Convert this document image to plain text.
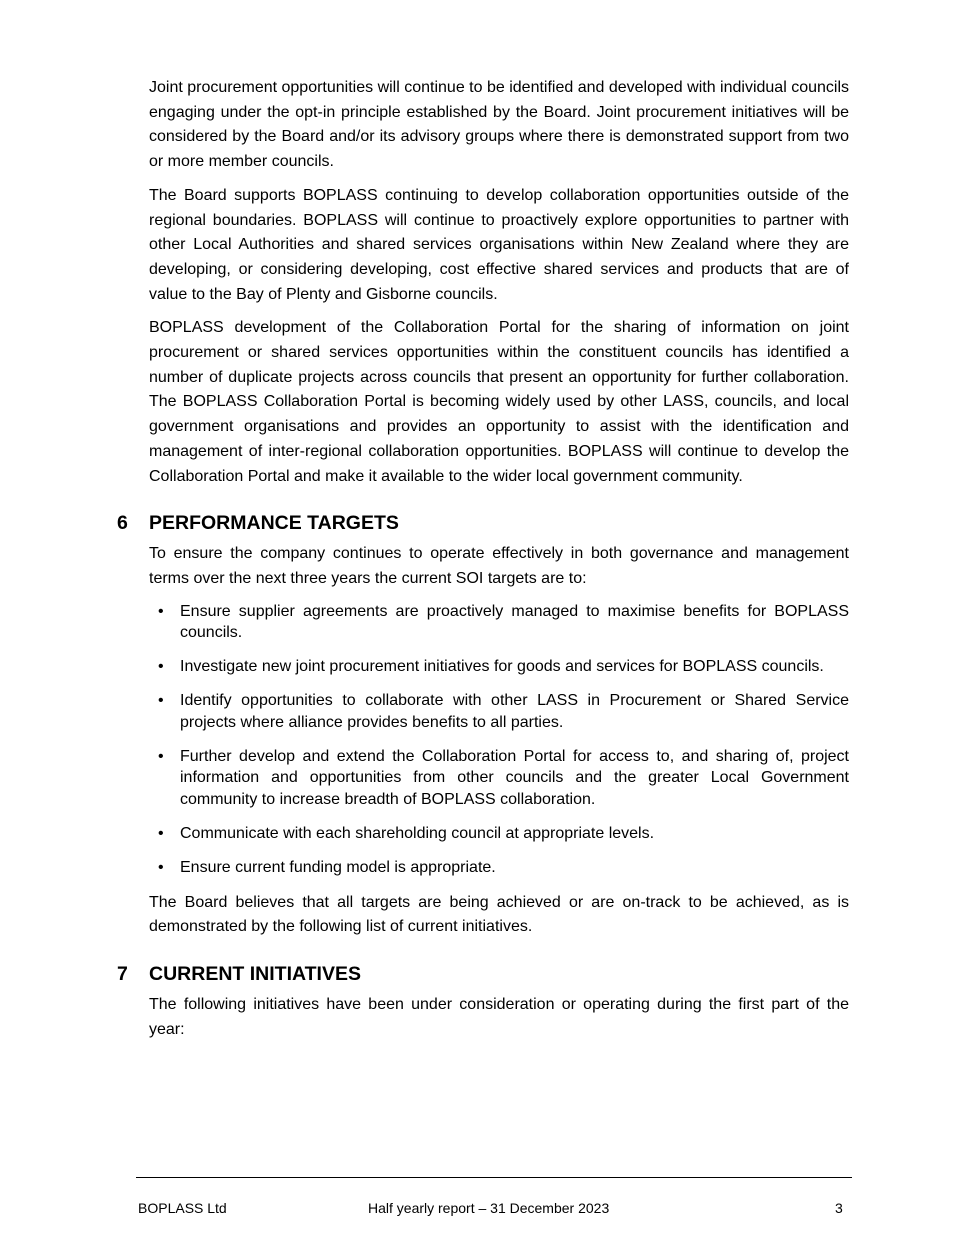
Joint procurement opportunities will continue to be identified and developed with individual councils engaging under the opt-in principle established by the Board. Joint procurement initiatives will be considered by the Board and/or its advisory groups where there is demonstrated support from two or more member councils.

The Board supports BOPLASS continuing to develop collaboration opportunities outside of the regional boundaries. BOPLASS will continue to proactively explore opportunities to partner with other Local Authorities and shared services organisations within New Zealand where they are developing, or considering developing, cost effective shared services and products that are of value to the Bay of Plenty and Gisborne councils.

BOPLASS development of the Collaboration Portal for the sharing of information on joint procurement or shared services opportunities within the constituent councils has identified a number of duplicate projects across councils that present an opportunity for further collaboration. The BOPLASS Collaboration Portal is becoming widely used by other LASS, councils, and local government organisations and provides an opportunity to assist with the identification and management of inter-regional collaboration opportunities. BOPLASS will continue to develop the Collaboration Portal and make it available to the wider local government community.

6 PERFORMANCE TARGETS

To ensure the company continues to operate effectively in both governance and management terms over the next three years the current SOI targets are to:

• Ensure supplier agreements are proactively managed to maximise benefits for BOPLASS councils.
• Investigate new joint procurement initiatives for goods and services for BOPLASS councils.
• Identify opportunities to collaborate with other LASS in Procurement or Shared Service projects where alliance provides benefits to all parties.
• Further develop and extend the Collaboration Portal for access to, and sharing of, project information and opportunities from other councils and the greater Local Government community to increase breadth of BOPLASS collaboration.
• Communicate with each shareholding council at appropriate levels.
• Ensure current funding model is appropriate.

The Board believes that all targets are being achieved or are on-track to be achieved, as is demonstrated by the following list of current initiatives.

7 CURRENT INITIATIVES

The following initiatives have been under consideration or operating during the first part of the year:

BOPLASS Ltd	Half yearly report – 31 December 2023	3
